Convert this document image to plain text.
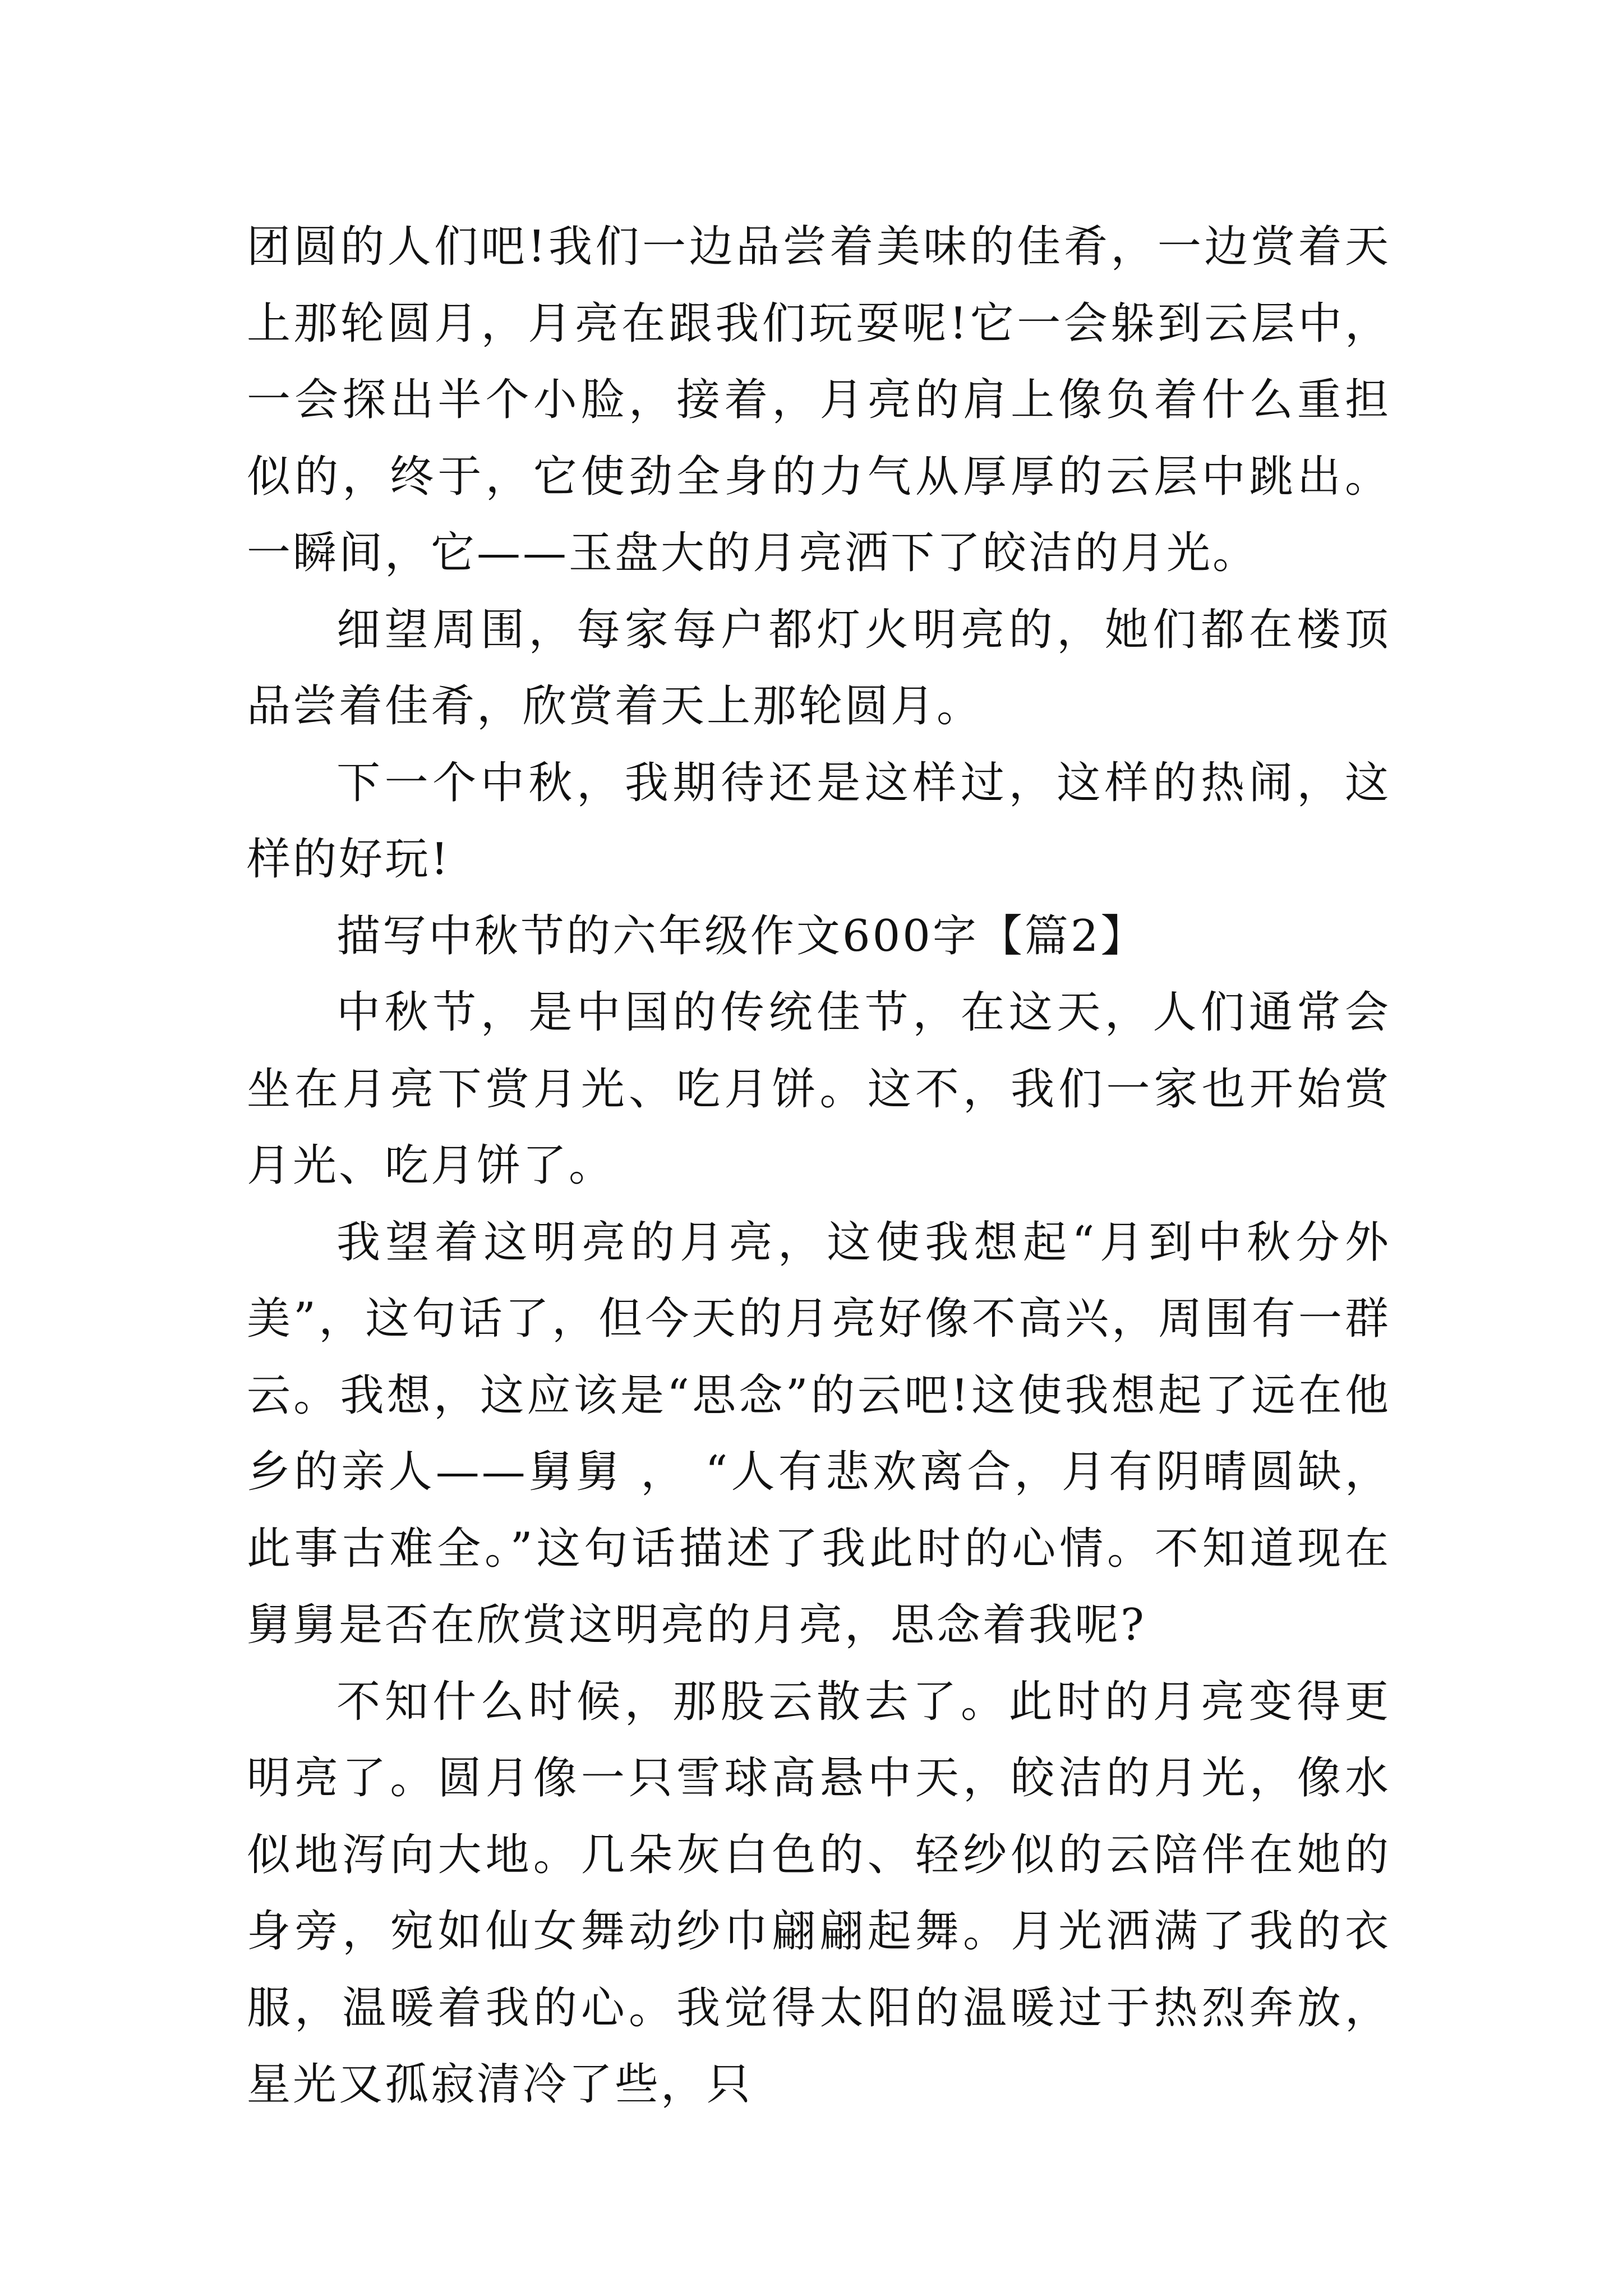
团圆的人们吧!我们一边品尝着美味的佳肴，一边赏着天上那轮圆月，月亮在跟我们玩耍呢!它一会躲到云层中，一会探出半个小脸，接着，月亮的肩上像负着什么重担似的，终于，它使劲全身的力气从厚厚的云层中跳出。一瞬间，它——玉盘大的月亮洒下了皎洁的月光。

细望周围，每家每户都灯火明亮的，她们都在楼顶品尝着佳肴，欣赏着天上那轮圆月。

下一个中秋，我期待还是这样过，这样的热闹，这样的好玩!

描写中秋节的六年级作文600字【篇2】

中秋节，是中国的传统佳节，在这天，人们通常会坐在月亮下赏月光、吃月饼。这不，我们一家也开始赏月光、吃月饼了。

我望着这明亮的月亮，这使我想起“月到中秋分外美”，这句话了，但今天的月亮好像不高兴，周围有一群云。我想，这应该是“思念”的云吧!这使我想起了远在他乡的亲人——舅舅 ， “人有悲欢离合，月有阴晴圆缺，此事古难全。”这句话描述了我此时的心情。不知道现在舅舅是否在欣赏这明亮的月亮，思念着我呢?

不知什么时候，那股云散去了。此时的月亮变得更明亮了。圆月像一只雪球高悬中天，皎洁的月光，像水似地泻向大地。几朵灰白色的、轻纱似的云陪伴在她的身旁，宛如仙女舞动纱巾翩翩起舞。月光洒满了我的衣服，温暖着我的心。我觉得太阳的温暖过于热烈奔放，星光又孤寂清冷了些，只
